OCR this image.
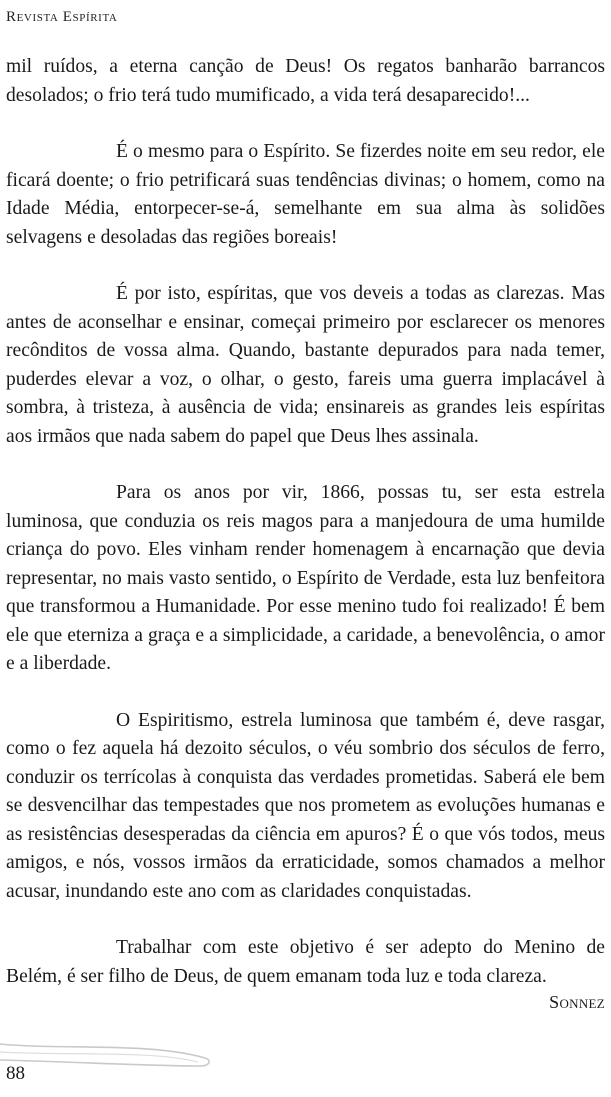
Revista Espírita

mil ruídos, a eterna canção de Deus! Os regatos banharão barrancos desolados; o frio terá tudo mumificado, a vida terá desaparecido!...

É o mesmo para o Espírito. Se fizerdes noite em seu redor, ele ficará doente; o frio petrificará suas tendências divinas; o homem, como na Idade Média, entorpecer-se-á, semelhante em sua alma às solidões selvagens e desoladas das regiões boreais!

É por isto, espíritas, que vos deveis a todas as clarezas. Mas antes de aconselhar e ensinar, começai primeiro por esclarecer os menores recônditos de vossa alma. Quando, bastante depurados para nada temer, puderdes elevar a voz, o olhar, o gesto, fareis uma guerra implacável à sombra, à tristeza, à ausência de vida; ensinareis as grandes leis espíritas aos irmãos que nada sabem do papel que Deus lhes assinala.

Para os anos por vir, 1866, possas tu, ser esta estrela luminosa, que conduzia os reis magos para a manjedoura de uma humilde criança do povo. Eles vinham render homenagem à encarnação que devia representar, no mais vasto sentido, o Espírito de Verdade, esta luz benfeitora que transformou a Humanidade. Por esse menino tudo foi realizado! É bem ele que eterniza a graça e a simplicidade, a caridade, a benevolência, o amor e a liberdade.

O Espiritismo, estrela luminosa que também é, deve rasgar, como o fez aquela há dezoito séculos, o véu sombrio dos séculos de ferro, conduzir os terrícolas à conquista das verdades prometidas. Saberá ele bem se desvencilhar das tempestades que nos prometem as evoluções humanas e as resistências desesperadas da ciência em apuros? É o que vós todos, meus amigos, e nós, vossos irmãos da erraticidade, somos chamados a melhor acusar, inundando este ano com as claridades conquistadas.

Trabalhar com este objetivo é ser adepto do Menino de Belém, é ser filho de Deus, de quem emanam toda luz e toda clareza.

Sonnez
88
